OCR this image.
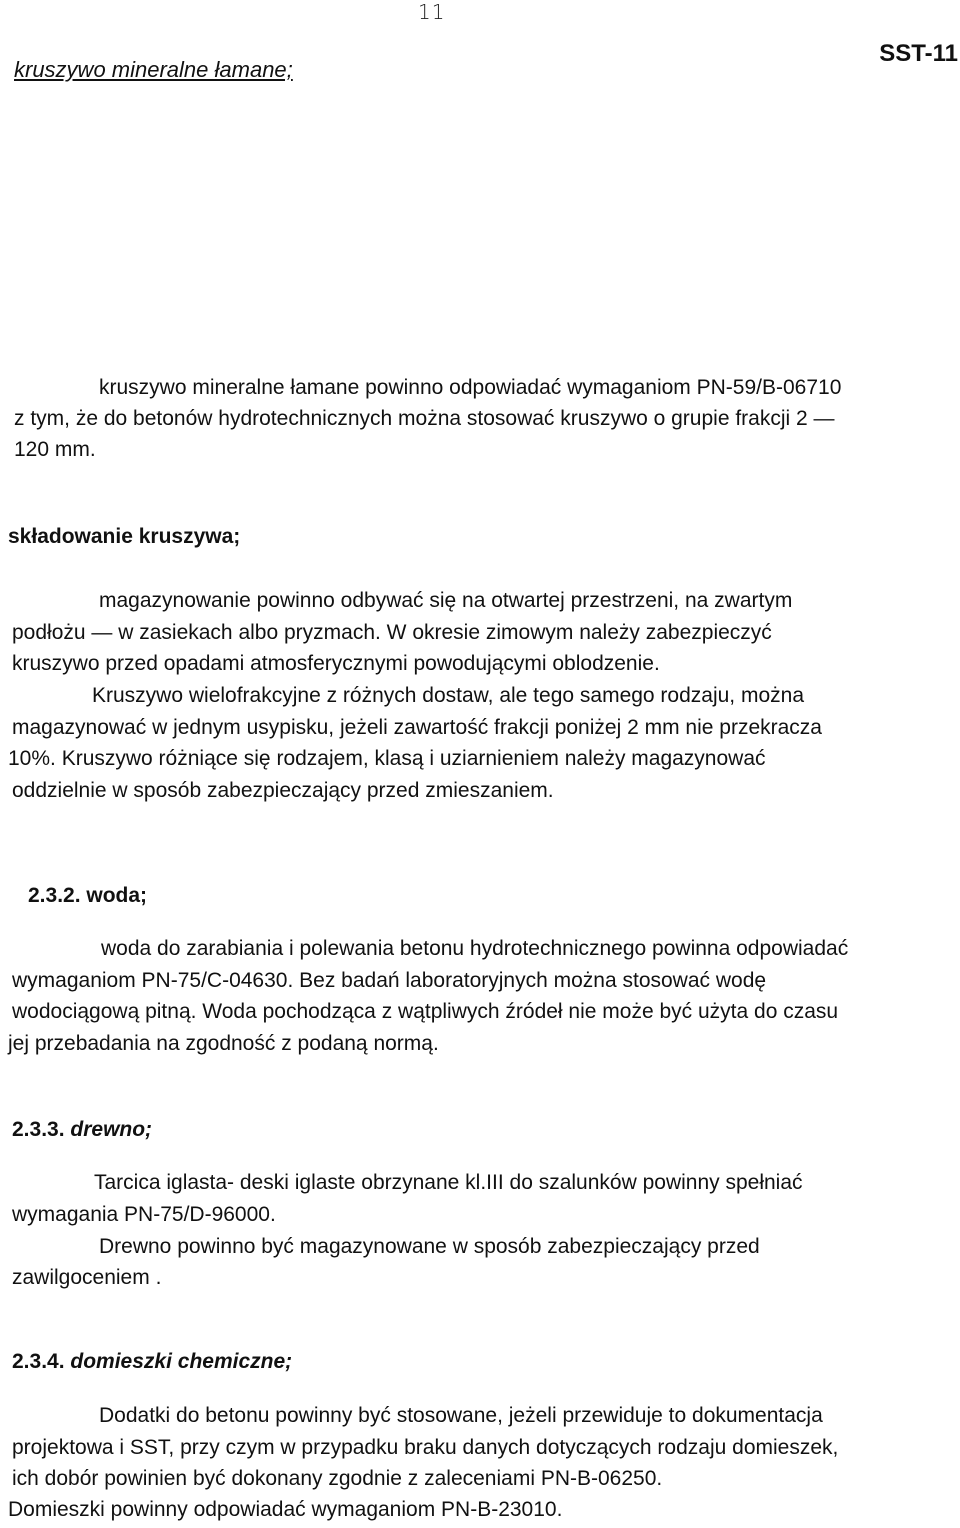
11
SST-11
kruszywo mineralne łamane;
kruszywo mineralne łamane powinno odpowiadać wymaganiom PN-59/B-06710
z tym, że do betonów hydrotechnicznych można stosować kruszywo o grupie frakcji 2 —
120 mm.
składowanie kruszywa;
magazynowanie powinno odbywać się na otwartej przestrzeni, na zwartym
podłożu — w zasiekach albo pryzmach. W okresie zimowym należy zabezpieczyć
kruszywo przed opadami atmosferycznymi powodującymi oblodzenie.
Kruszywo wielofrakcyjne z różnych dostaw, ale tego samego rodzaju, można
magazynować w jednym usypisku, jeżeli zawartość frakcji poniżej 2 mm nie przekracza
10%. Kruszywo różniące się rodzajem, klasą i uziarnieniem należy magazynować
oddzielnie w sposób zabezpieczający przed zmieszaniem.
2.3.2. woda;
woda do zarabiania i polewania betonu hydrotechnicznego powinna odpowiadać
wymaganiom PN-75/C-04630. Bez badań laboratoryjnych można stosować wodę
wodociągową pitną. Woda pochodząca z wątpliwych źródeł nie może być użyta do czasu
jej przebadania na zgodność z podaną normą.
2.3.3. drewno;
Tarcica iglasta- deski iglaste obrzynane kl.III do szalunków powinny spełniać
wymagania PN-75/D-96000.
Drewno powinno być magazynowane w sposób zabezpieczający przed
zawilgoceniem .
2.3.4. domieszki chemiczne;
Dodatki do betonu powinny być stosowane, jeżeli przewiduje to dokumentacja
projektowa i SST, przy czym w przypadku braku danych dotyczących rodzaju domieszek,
ich dobór powinien być dokonany zgodnie z zaleceniami PN-B-06250.
Domieszki powinny odpowiadać wymaganiom PN-B-23010.
